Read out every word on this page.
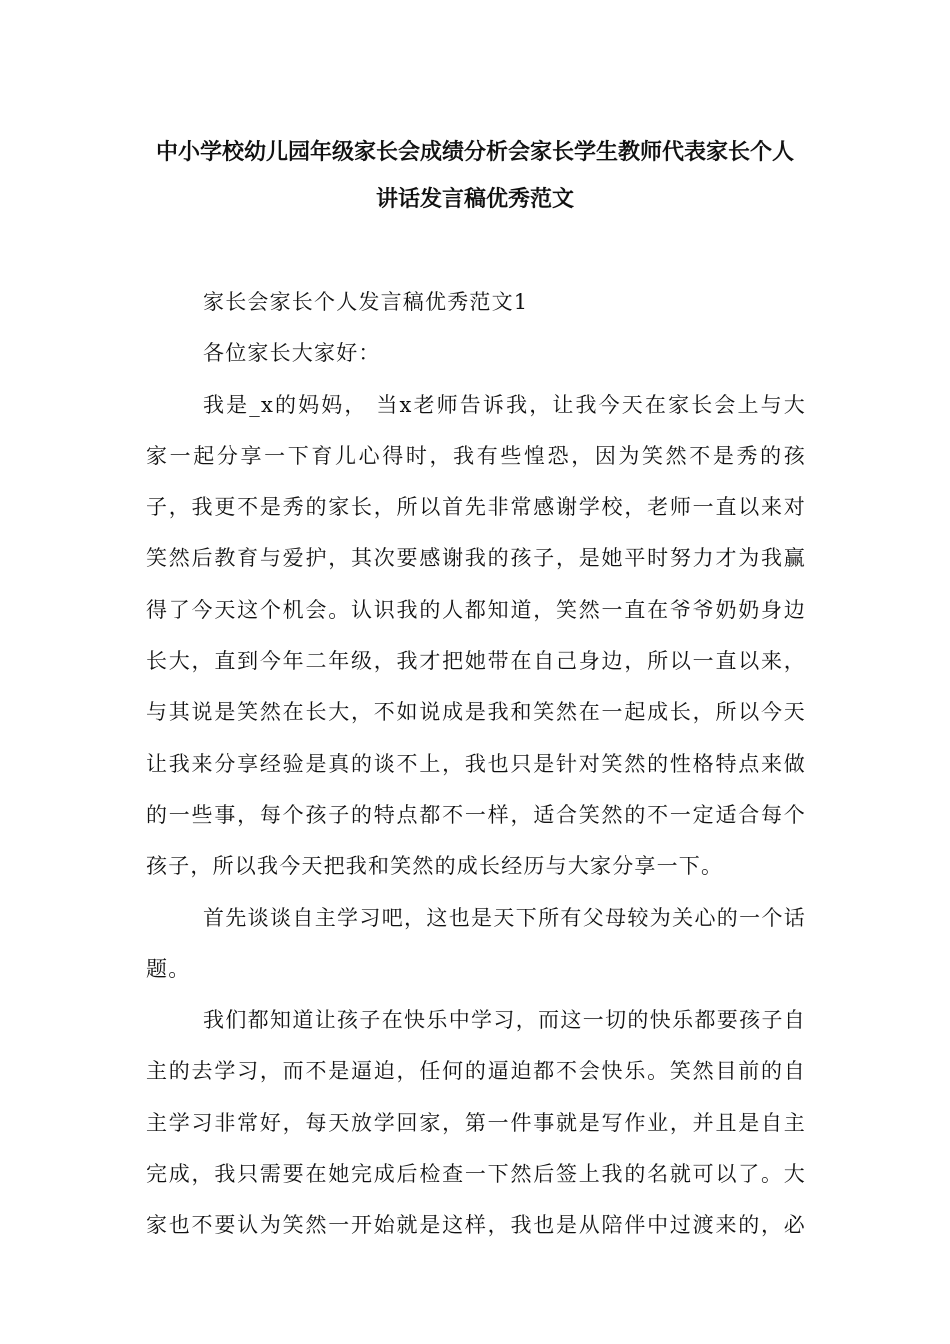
中小学校幼儿园年级家长会成绩分析会家长学生教师代表家长个人
讲话发言稿优秀范文
家长会家长个人发言稿优秀范文1
各位家长大家好：
我是_x的妈妈， 当x老师告诉我，让我今天在家长会上与大
家一起分享一下育儿心得时，我有些惶恐，因为笑然不是秀的孩
子，我更不是秀的家长，所以首先非常感谢学校，老师一直以来对
笑然后教育与爱护，其次要感谢我的孩子，是她平时努力才为我赢
得了今天这个机会。认识我的人都知道，笑然一直在爷爷奶奶身边
长大，直到今年二年级，我才把她带在自己身边，所以一直以来，
与其说是笑然在长大，不如说成是我和笑然在一起成长，所以今天
让我来分享经验是真的谈不上，我也只是针对笑然的性格特点来做
的一些事，每个孩子的特点都不一样，适合笑然的不一定适合每个
孩子，所以我今天把我和笑然的成长经历与大家分享一下。
首先谈谈自主学习吧，这也是天下所有父母较为关心的一个话
题。
我们都知道让孩子在快乐中学习，而这一切的快乐都要孩子自
主的去学习，而不是逼迫，任何的逼迫都不会快乐。笑然目前的自
主学习非常好，每天放学回家，第一件事就是写作业，并且是自主
完成，我只需要在她完成后检查一下然后签上我的名就可以了。大
家也不要认为笑然一开始就是这样，我也是从陪伴中过渡来的，必
